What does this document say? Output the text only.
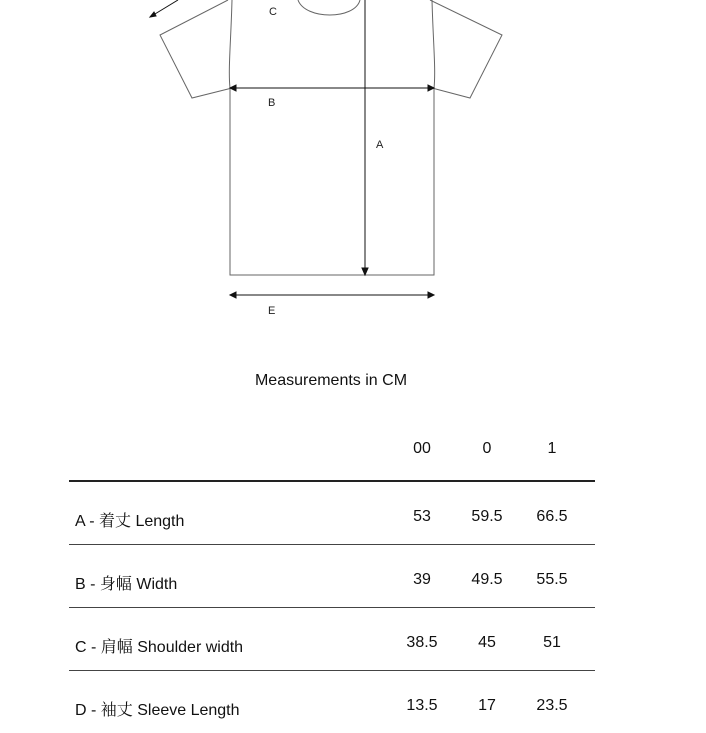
C
B
A
E
Measurements in CM
00	0	1
A - 着丈 Length	53	59.5	66.5
B - 身幅 Width	39	49.5	55.5
C - 肩幅 Shoulder width	38.5	45	51
D - 袖丈 Sleeve Length	13.5	17	23.5
